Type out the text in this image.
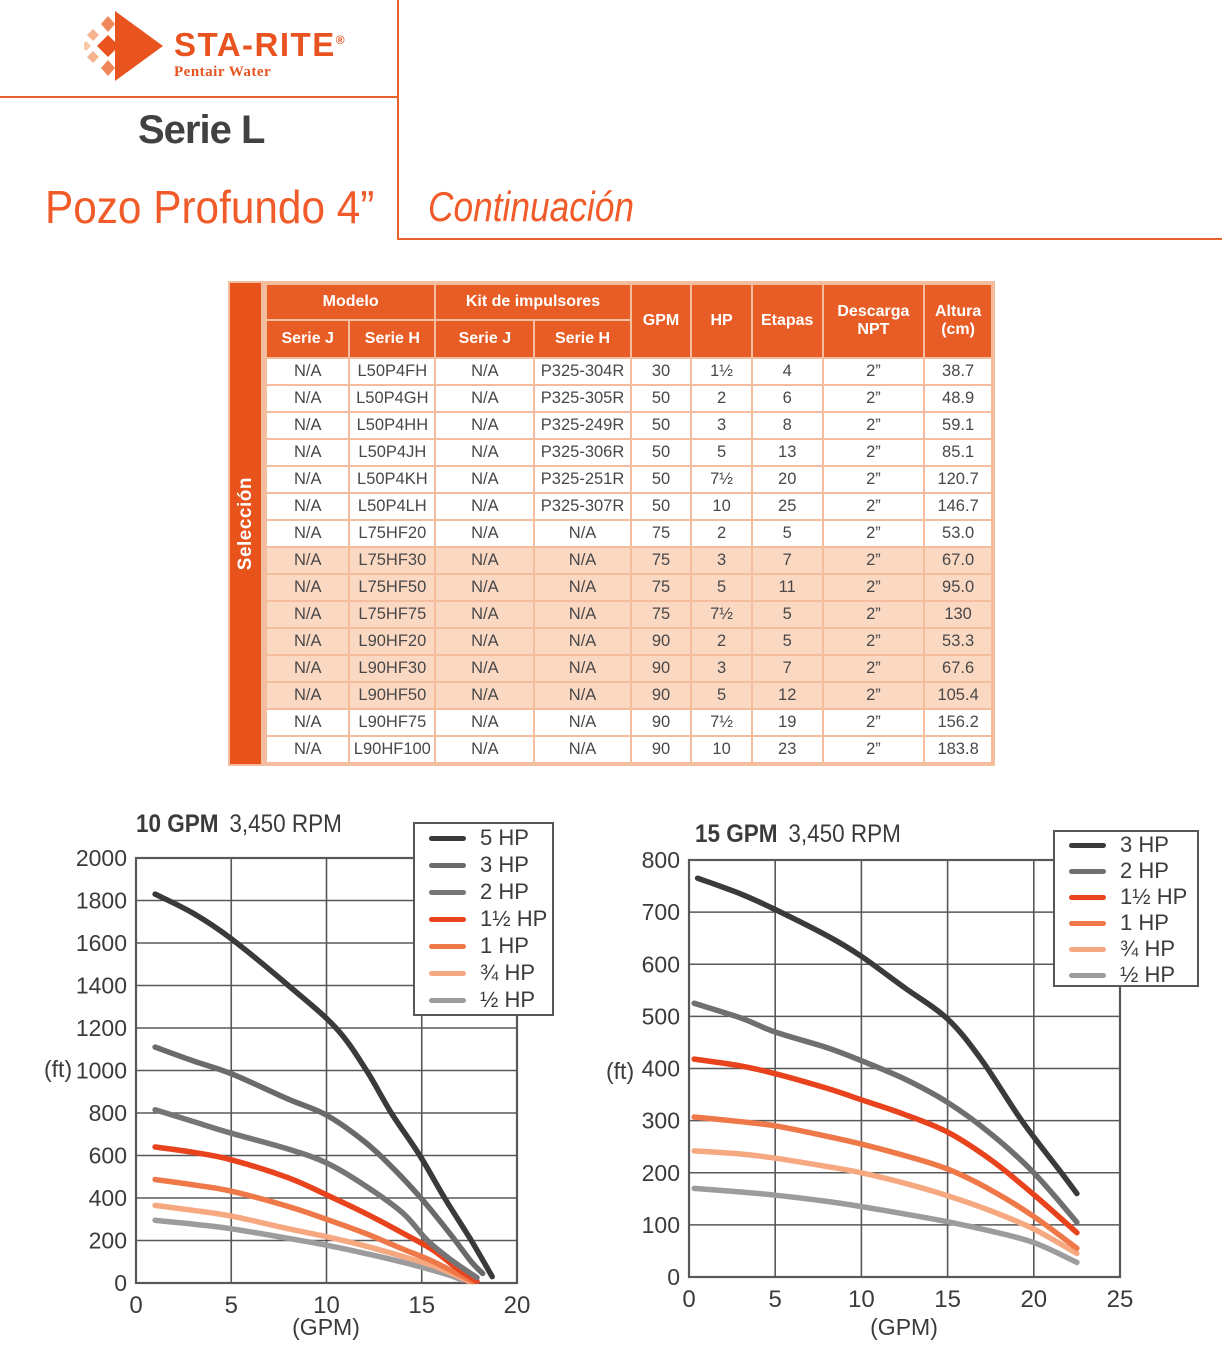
STA-RITE®
Pentair Water
Serie L
Pozo Profundo 4” Continuación
Selección
Modelo		Kit de impulsores		GPM	HP	Etapas	Descarga NPT	Altura (cm)
Serie J	Serie H	Serie J	Serie H					
N/A	L50P4FH	N/A	P325-304R	30	1½	4	2”	38.7
N/A	L50P4GH	N/A	P325-305R	50	2	6	2”	48.9
N/A	L50P4HH	N/A	P325-249R	50	3	8	2”	59.1
N/A	L50P4JH	N/A	P325-306R	50	5	13	2”	85.1
N/A	L50P4KH	N/A	P325-251R	50	7½	20	2”	120.7
N/A	L50P4LH	N/A	P325-307R	50	10	25	2”	146.7
N/A	L75HF20	N/A	N/A	75	2	5	2”	53.0
N/A	L75HF30	N/A	N/A	75	3	7	2”	67.0
N/A	L75HF50	N/A	N/A	75	5	11	2”	95.0
N/A	L75HF75	N/A	N/A	75	7½	5	2”	130
N/A	L90HF20	N/A	N/A	90	2	5	2”	53.3
N/A	L90HF30	N/A	N/A	90	3	7	2”	67.6
N/A	L90HF50	N/A	N/A	90	5	12	2”	105.4
N/A	L90HF75	N/A	N/A	90	7½	19	2”	156.2
N/A	L90HF100	N/A	N/A	90	10	23	2”	183.8
10 GPM 3,450 RPM	15 GPM 3,450 RPM
(ft)	(ft)
0	5	10	15	20
0
200
400
600
800
1000
1200
1400
1600
1800
2000
0	5	10 15 20 25
0
100
200
300
400
500
600
700
800
(GPM)	(GPM)
5 HP
3 HP
2 HP
1½ HP
1 HP
¾ HP
½ HP
3 HP
2 HP
1½ HP
1 HP
¾ HP
½ HP
